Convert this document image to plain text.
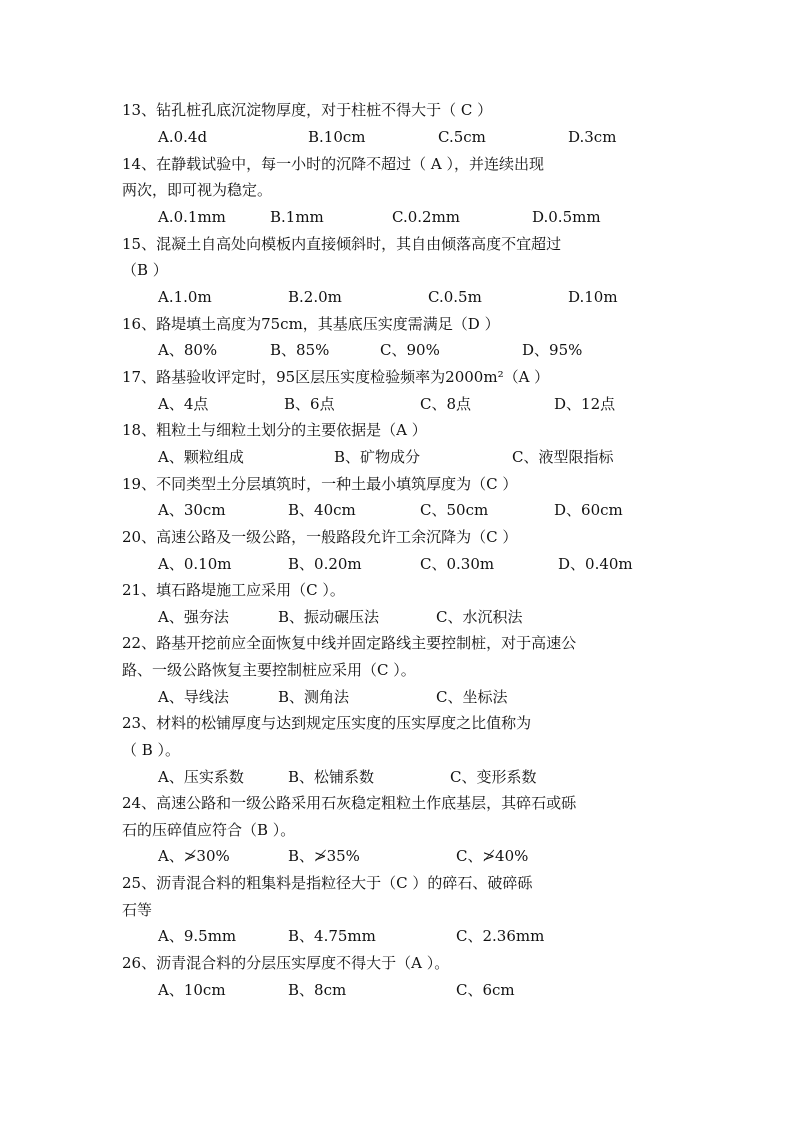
13、钻孔桩孔底沉淀物厚度，对于柱桩不得大于（ C ）
A.0.4d	B.10cm	C.5cm	D.3cm
14、在静载试验中，每一小时的沉降不超过（ A ），并连续出现
两次，即可视为稳定。
A.0.1mm	B.1mm	C.0.2mm	D.0.5mm
15、混凝土自高处向模板内直接倾斜时，其自由倾落高度不宜超过
（B ）
A.1.0m	B.2.0m	C.0.5m	D.10m
16、路堤填土高度为75cm，其基底压实度需满足（D ）
A、80%	B、85%	C、90%	D、95%
17、路基验收评定时，95区层压实度检验频率为2000m²（A ）
A、4点	B、6点	C、8点	D、12点
18、粗粒土与细粒土划分的主要依据是（A ）
A、颗粒组成	B、矿物成分	C、液型限指标
19、不同类型土分层填筑时，一种土最小填筑厚度为（C ）
A、30cm	B、40cm	C、50cm	D、60cm
20、高速公路及一级公路，一般路段允许工余沉降为（C ）
A、0.10m	B、0.20m	C、0.30m	D、0.40m
21、填石路堤施工应采用（C ）。
A、强夯法	B、振动碾压法	C、水沉积法
22、路基开挖前应全面恢复中线并固定路线主要控制桩，对于高速公
路、一级公路恢复主要控制桩应采用（C ）。
A、导线法	B、测角法	C、坐标法
23、材料的松铺厚度与达到规定压实度的压实厚度之比值称为
（ B ）。
A、压实系数	B、松铺系数	C、变形系数
24、高速公路和一级公路采用石灰稳定粗粒土作底基层，其碎石或砾
石的压碎值应符合（B ）。
A、≯30%	B、≯35%	C、≯40%
25、沥青混合料的粗集料是指粒径大于（C ）的碎石、破碎砾
石等
A、9.5mm	B、4.75mm	C、2.36mm
26、沥青混合料的分层压实厚度不得大于（A ）。
A、10cm	B、8cm	C、6cm
